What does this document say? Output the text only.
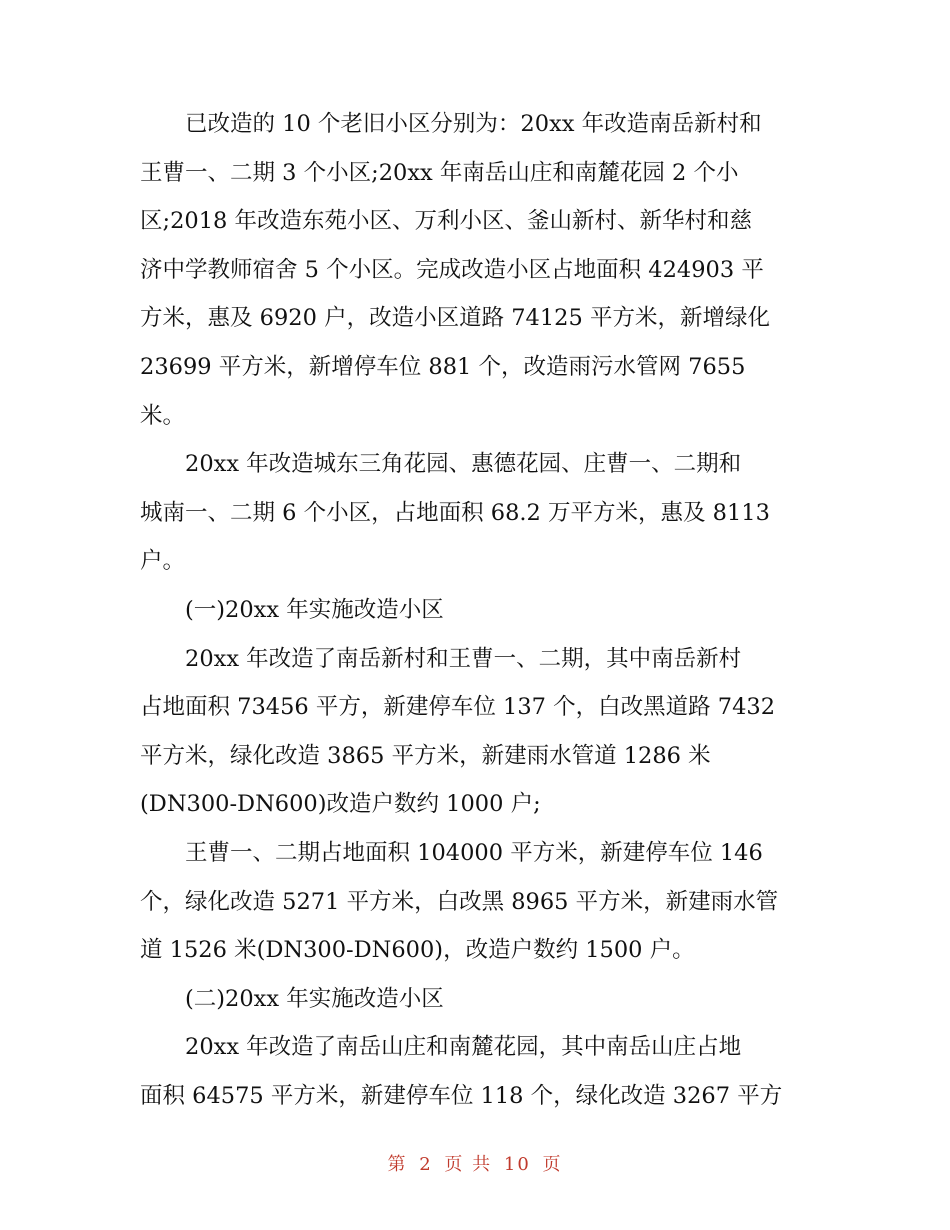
已改造的 10 个老旧小区分别为：20xx 年改造南岳新村和
王曹一、二期 3 个小区;20xx 年南岳山庄和南麓花园 2 个小
区;2018 年改造东苑小区、万利小区、釜山新村、新华村和慈
济中学教师宿舍 5 个小区。完成改造小区占地面积 424903 平
方米，惠及 6920 户，改造小区道路 74125 平方米，新增绿化
23699 平方米，新增停车位 881 个，改造雨污水管网 7655
米。
20xx 年改造城东三角花园、惠德花园、庄曹一、二期和
城南一、二期 6 个小区，占地面积 68.2 万平方米，惠及 8113
户。
(一)20xx 年实施改造小区
20xx 年改造了南岳新村和王曹一、二期，其中南岳新村
占地面积 73456 平方，新建停车位 137 个，白改黑道路 7432
平方米，绿化改造 3865 平方米，新建雨水管道 1286 米
(DN300-DN600)改造户数约 1000 户;
王曹一、二期占地面积 104000 平方米，新建停车位 146
个，绿化改造 5271 平方米，白改黑 8965 平方米，新建雨水管
道 1526 米(DN300-DN600)，改造户数约 1500 户。
(二)20xx 年实施改造小区
20xx 年改造了南岳山庄和南麓花园，其中南岳山庄占地
面积 64575 平方米，新建停车位 118 个，绿化改造 3267 平方
第 2 页 共 10 页
